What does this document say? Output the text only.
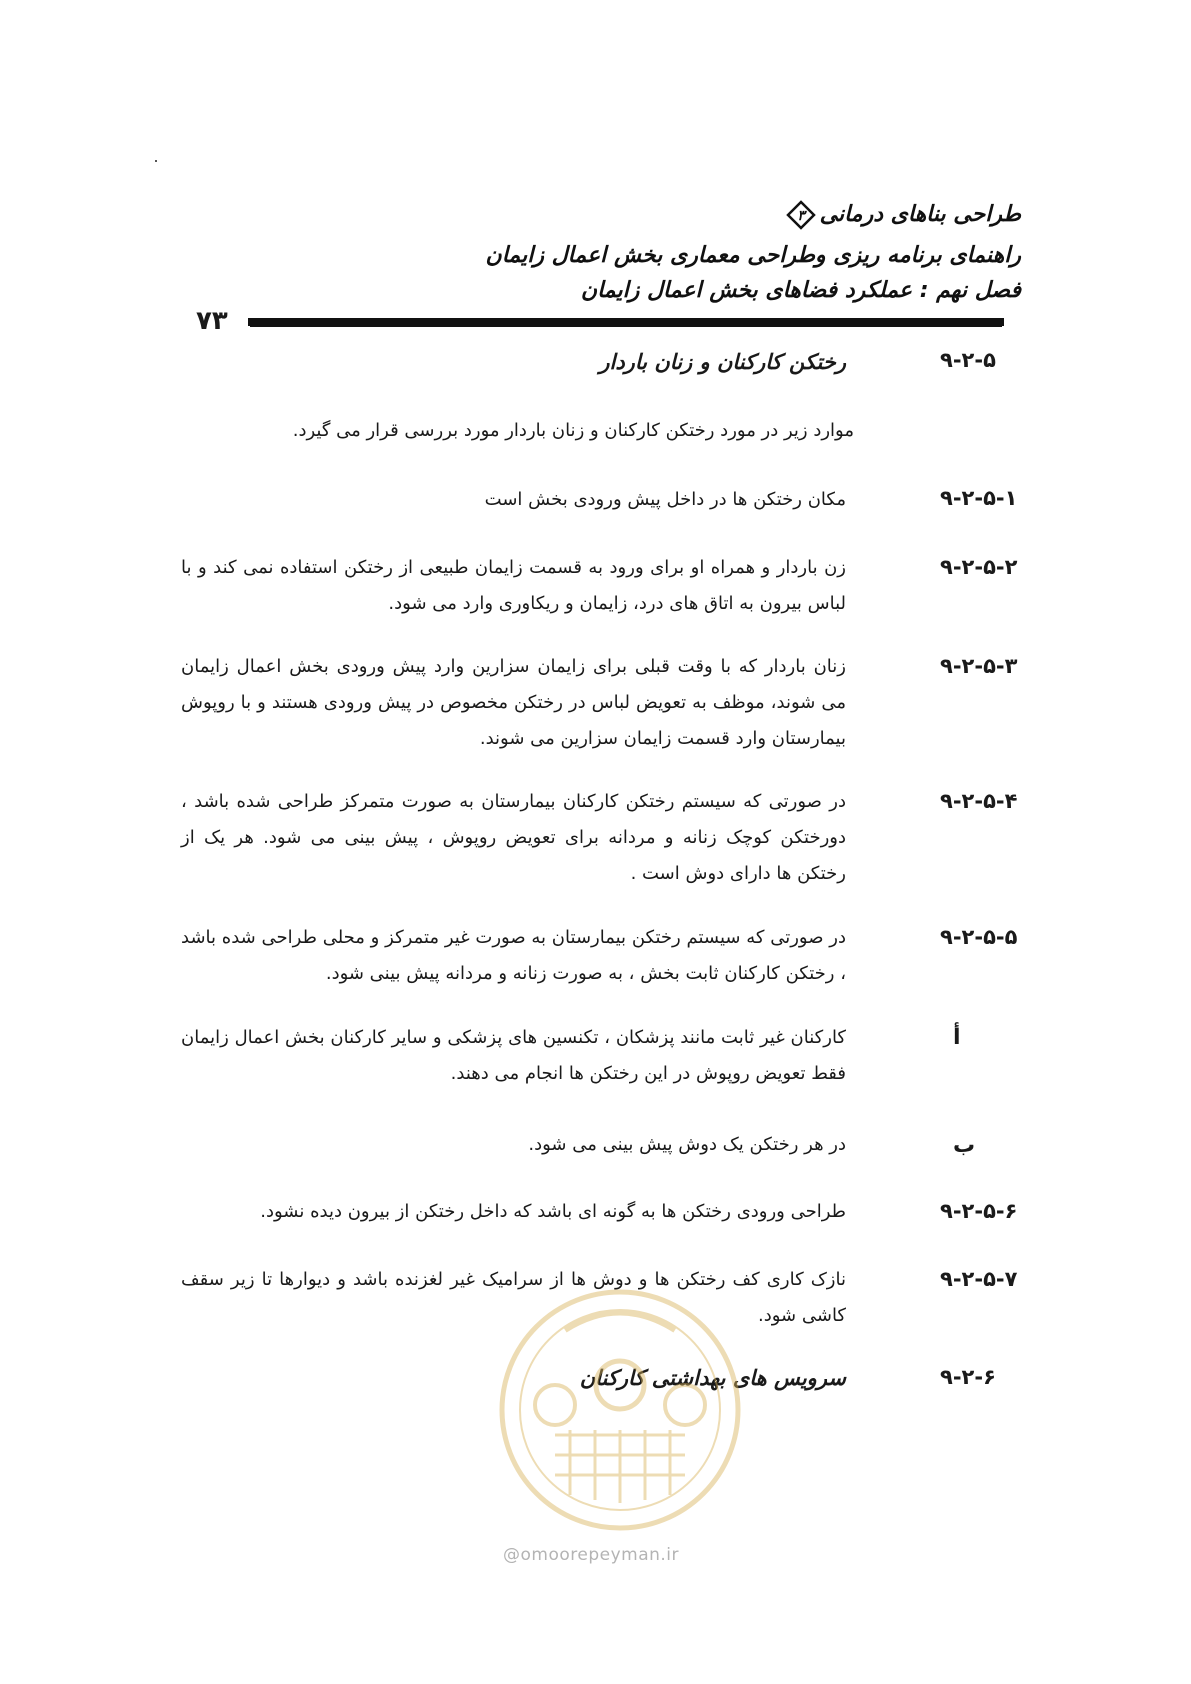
طراحی بناهای درمانی
۳
راهنمای برنامه ریزی وطراحی معماری بخش اعمال زایمان
فصل نهم : عملکرد فضاهای بخش اعمال زایمان
۷۳
۹-۲-۵
رختکن کارکنان و زنان باردار
موارد زیر در مورد رختکن کارکنان و زنان باردار مورد بررسی قرار می گیرد.
۹-۲-۵-۱
مکان رختکن ها در داخل پیش ورودی بخش است
۹-۲-۵-۲
زن باردار و همراه او برای ورود به قسمت زایمان طبیعی از رختکن استفاده نمی کند و با لباس بیرون به اتاق های درد، زایمان و ریکاوری وارد می شود.
۹-۲-۵-۳
زنان باردار که با وقت قبلی برای زایمان سزارین وارد پیش ورودی بخش اعمال زایمان می شوند، موظف به تعویض لباس در رختکن مخصوص در پیش ورودی هستند و با روپوش بیمارستان وارد قسمت زایمان سزارین می شوند.
۹-۲-۵-۴
در صورتی که سیستم رختکن کارکنان بیمارستان به صورت متمرکز طراحی شده باشد ، دورختکن کوچک زنانه و مردانه برای تعویض روپوش ، پیش بینی می شود. هر یک از رختکن ها دارای دوش است .
۹-۲-۵-۵
در صورتی که سیستم رختکن بیمارستان به صورت غیر متمرکز و محلی طراحی شده باشد ، رختکن کارکنان ثابت بخش ، به صورت زنانه و مردانه پیش بینی شود.
أ
کارکنان غیر ثابت مانند پزشکان ، تکنسین های پزشکی و سایر کارکنان بخش اعمال زایمان فقط تعویض روپوش در این رختکن ها انجام می دهند.
ب
در هر رختکن یک دوش پیش بینی می شود.
۹-۲-۵-۶
طراحی ورودی رختکن ها به گونه ای باشد که داخل رختکن از بیرون دیده نشود.
۹-۲-۵-۷
نازک کاری کف رختکن ها و دوش ها از سرامیک غیر لغزنده باشد و دیوارها تا زیر سقف کاشی شود.
۹-۲-۶
سرویس های بهداشتی کارکنان
@omoorepeyman.ir
